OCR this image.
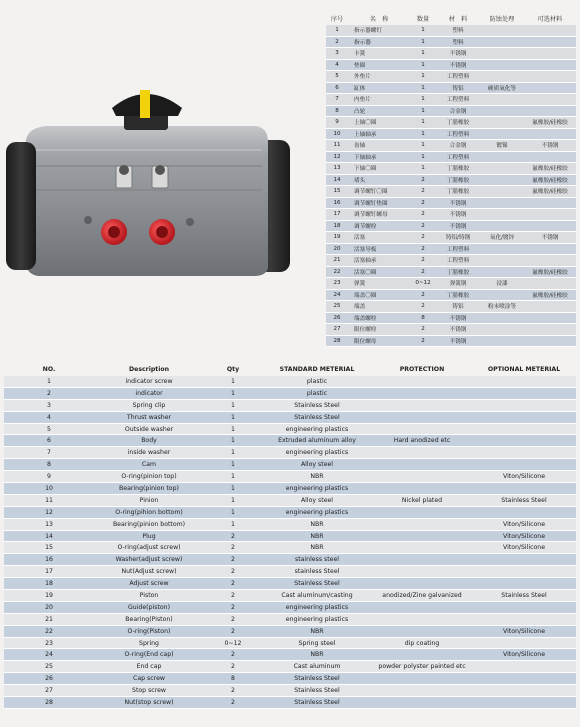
序号	名　称	数量	材　料	防蚀处理	可选材料
1	指示器螺钉	1	塑料		
2	指示器	1	塑料		
3	卡簧	1	不锈钢		
4	垫圈	1	不锈钢		
5	外垫片	1	工程塑料		
6	缸体	1	铸铝	硬质氧化等	
7	内垫片	1	工程塑料		
8	凸轮	1	合金钢		
9	上轴〇圈	1	丁腈橡胶		氟橡胶/硅橡胶
10	上轴轴承	1	工程塑料		
11	齿轴	1	合金钢	镀镍	不锈钢
12	下轴轴承	1	工程塑料		
13	下轴〇圈	1	丁腈橡胶		氟橡胶/硅橡胶
14	堵头	2	丁腈橡胶		氟橡胶/硅橡胶
15	调节螺钉〇圈	2	丁腈橡胶		氟橡胶/硅橡胶
16	调节螺钉垫圈	2	不锈钢		
17	调节螺钉螺母	2	不锈钢		
18	调节螺栓	2	不锈钢		
19	活塞	2	铸铝/铸钢	氧化/镀锌	不锈钢
20	活塞导板	2	工程塑料		
21	活塞轴承	2	工程塑料		
22	活塞〇圈	2	丁腈橡胶		氟橡胶/硅橡胶
23	弹簧	0~12	弹簧钢	浸漆	
24	端盖〇圈	2	丁腈橡胶		氟橡胶/硅橡胶
25	端盖	2	铸铝	粉末喷涂等	
26	端盖螺栓	8	不锈钢		
27	限位螺栓	2	不锈钢		
28	限位螺母	2	不锈钢		
NO.	Description	Qty	STANDARD METERIAL	PROTECTION	OPTIONAL METERIAL
1	indicator screw	1	plastic		
2	indicator	1	plastic		
3	Spring clip	1	Stainless Steel		
4	Thrust washer	1	Stainless Steel		
5	Outside washer	1	engineering plastics		
6	Body	1	Extruded aluminum alloy	Hard anodized etc	
7	inside washer	1	engineering plastics		
8	Cam	1	Alloy steel		
9	O-ring(pinion top)	1	NBR		Viton/Silicone
10	Bearing(pinion top)	1	engineering plastics		
11	Pinion	1	Alloy steel	Nickel plated	Stainless Steel
12	O-ring(pihion bottom)	1	engineering plastics		
13	Bearing(pinion bottom)	1	NBR		Viton/Silicone
14	Plug	2	NBR		Viton/Silicone
15	O-ring(adjust screw)	2	NBR		Viton/Silicone
16	Washer(adjust screw)	2	stainless steel		
17	Nut(Adjust screw)	2	stainless Steel		
18	Adjust screw	2	Stainless Steel		
19	Piston	2	Cast aluminum/casting	anodized/Zine galvanized	Stainless Steel
20	Guide(piston)	2	engineering plastics		
21	Bearing(Piston)	2	engineering plastics		
22	O-ring(Piston)	2	NBR		Viton/Silicone
23	Spring	0~12	Spring steel	dip coating	
24	O-ring(End cap)	2	NBR		Viton/Silicone
25	End cap	2	Cast aluminum	powder polyster painted etc	
26	Cap screw	8	Stainless Steel		
27	Stop screw	2	Stainless Steel		
28	Nut(stop screw)	2	Stainless Steel		
